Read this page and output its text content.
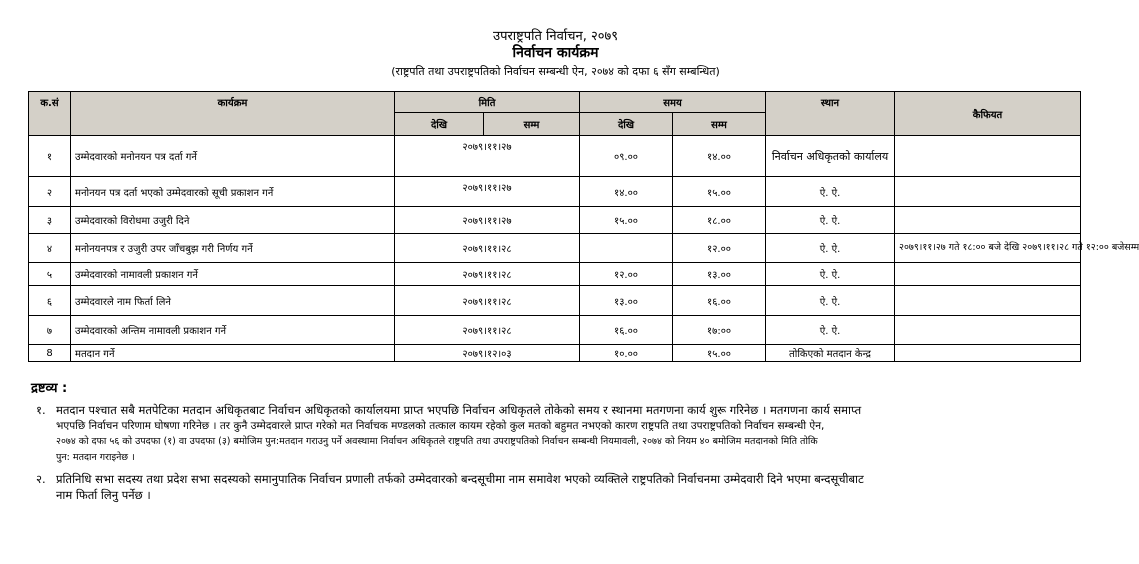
उपराष्ट्रपति निर्वाचन, २०७९
निर्वाचन कार्यक्रम
(राष्ट्रपति तथा उपराष्ट्रपतिको निर्वाचन सम्बन्धी ऐन, २०७४ को दफा ६ सँग सम्बन्धित)
क.सं	कार्यक्रम	मिति		समय		स्थान	कैफियत
		देखि	सम्म	देखि	सम्म		
१	उम्मेदवारको मनोनयन पत्र दर्ता गर्ने	२०७९।११।२७		०९.००	१४.००	निर्वाचन अधिकृतको कार्यालय	
२	मनोनयन पत्र दर्ता भएको उम्मेदवारको सूची प्रकाशन गर्ने	२०७९।११।२७		१४.००	१५.००	ऐ. ऐ.	
३	उम्मेदवारको विरोधमा उजुरी दिने	२०७९।११।२७		१५.००	१८.००	ऐ. ऐ.	
४	मनोनयनपत्र र उजुरी उपर जाँचबुझ गरी निर्णय गर्ने	२०७९।११।२८			१२.००	ऐ. ऐ.	२०७९।११।२७ गते १८:०० बजे देखि २०७९।११।२८ गते १२:०० बजेसम्म
५	उम्मेदवारको नामावली प्रकाशन गर्ने	२०७९।११।२८		१२.००	१३.००	ऐ. ऐ.	
६	उम्मेदवारले नाम फिर्ता लिने	२०७९।११।२८		१३.००	१६.००	ऐ. ऐ.	
७	उम्मेदवारको अन्तिम नामावली प्रकाशन गर्ने	२०७९।११।२८		१६.००	१७:००	ऐ. ऐ.	
8	मतदान गर्ने	२०७९।१२।०३		१०.००	१५.००	तोकिएको मतदान केन्द्र	
द्रष्टव्य :
१. मतदान पश्चात सबै मतपेटिका मतदान अधिकृतबाट निर्वाचन अधिकृतको कार्यालयमा प्राप्त भएपछि निर्वाचन अधिकृतले तोकेको समय र स्थानमा मतगणना कार्य शुरू गरिनेछ । मतगणना कार्य समाप्त
भएपछि निर्वाचन परिणाम घोषणा गरिनेछ । तर कुनै उम्मेदवारले प्राप्त गरेको मत निर्वाचक मण्डलको तत्काल कायम रहेको कुल मतको बहुमत नभएको कारण राष्ट्रपति तथा उपराष्ट्रपतिको निर्वाचन सम्बन्धी ऐन,
२०७४ को दफा ५६ को उपदफा (१) वा उपदफा (३) बमोजिम पुन:मतदान गराउनु पर्ने अवस्थामा निर्वाचन अधिकृतले राष्ट्रपति तथा उपराष्ट्रपतिको निर्वाचन सम्बन्धी नियमावली, २०७४ को नियम ४० बमोजिम मतदानको मिति तोकि
पुन: मतदान गराइनेछ ।
२. प्रतिनिधि सभा सदस्य तथा प्रदेश सभा सदस्यको समानुपातिक निर्वाचन प्रणाली तर्फको उम्मेदवारको बन्दसूचीमा नाम समावेश भएको व्यक्तिले राष्ट्रपतिको निर्वाचनमा उम्मेदवारी दिने भएमा बन्दसूचीबाट
नाम फिर्ता लिनु पर्नेछ ।
